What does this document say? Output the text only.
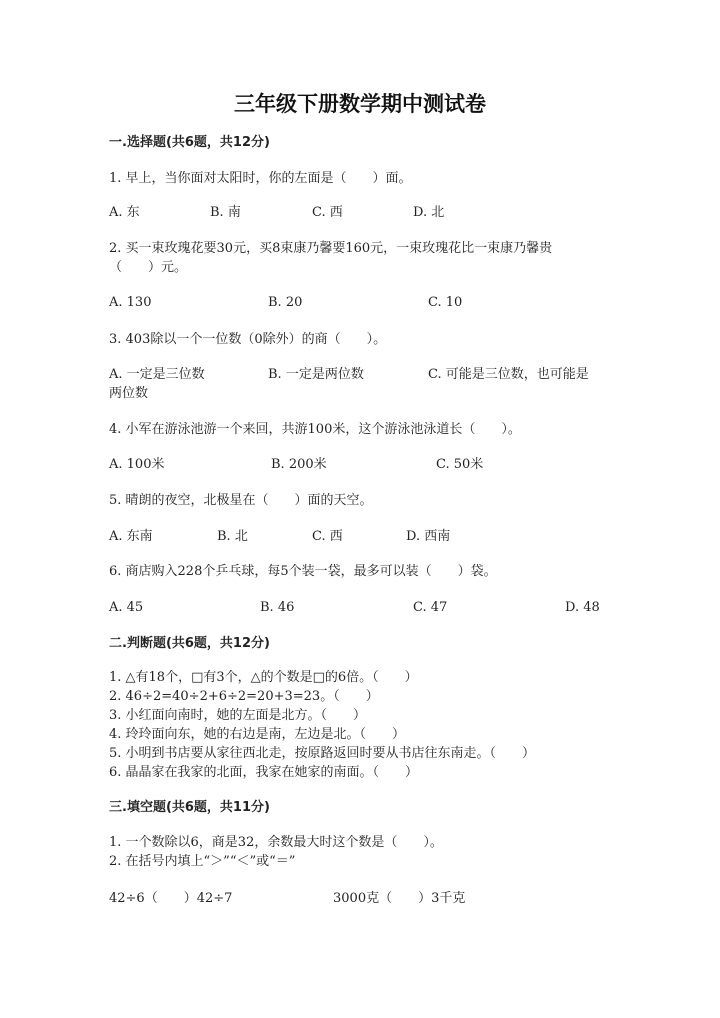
三年级下册数学期中测试卷
一.选择题(共6题，共12分)
1. 早上，当你面对太阳时，你的左面是（　　）面。
A. 东	B. 南	C. 西	D. 北
2. 买一束玫瑰花要30元，买8束康乃馨要160元，一束玫瑰花比一束康乃馨贵
（　　）元。
A. 130	B. 20	C. 10
3. 403除以一个一位数（0除外）的商（　　）。
A. 一定是三位数	B. 一定是两位数	C. 可能是三位数，也可能是
两位数
4. 小军在游泳池游一个来回，共游100米，这个游泳池泳道长（　　）。
A. 100米	B. 200米	C. 50米
5. 晴朗的夜空，北极星在（　　）面的天空。
A. 东南	B. 北	C. 西	D. 西南
6. 商店购入228个乒乓球，每5个装一袋，最多可以装（　　）袋。
A. 45	B. 46	C. 47	D. 48
二.判断题(共6题，共12分)
1. △有18个，□有3个，△的个数是□的6倍。（　　）
2. 46÷2=40÷2+6÷2=20+3=23。（　　）
3. 小红面向南时，她的左面是北方。（　　）
4. 玲玲面向东，她的右边是南，左边是北。（　　）
5. 小明到书店要从家往西北走，按原路返回时要从书店往东南走。（　　）
6. 晶晶家在我家的北面，我家在她家的南面。（　　）
三.填空题(共6题，共11分)
1. 一个数除以6，商是32，余数最大时这个数是（　　）。
2. 在括号内填上“＞”“＜”或“＝”
42÷6（　　）42÷7	3000克（　　）3千克
